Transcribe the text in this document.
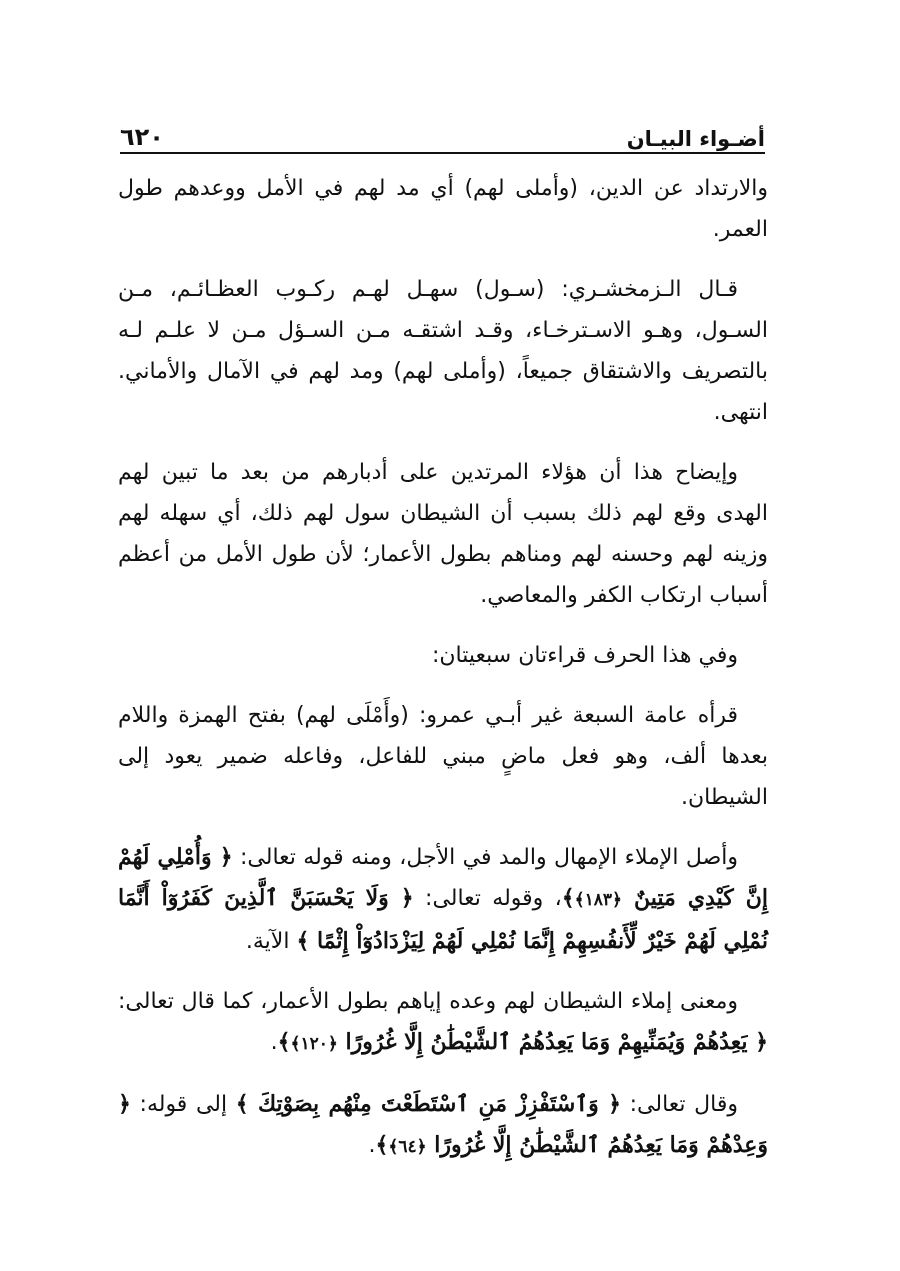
٦٢٠	أضـواء البيـان

والارتداد عن الدين، (وأملى لهم) أي مد لهم في الأمل ووعدهم طول العمر.

قـال الـزمخشـري: (سـول) سهـل لهـم ركـوب العظـائـم، مـن السـول، وهـو الاسـترخـاء، وقـد اشتقـه مـن السـؤل مـن لا علـم لـه بالتصريف والاشتقاق جميعاً، (وأملى لهم) ومد لهم في الآمال والأماني. انتهى.

وإيضاح هذا أن هؤلاء المرتدين على أدبارهم من بعد ما تبين لهم الهدى وقع لهم ذلك بسبب أن الشيطان سول لهم ذلك، أي سهله لهم وزينه لهم وحسنه لهم ومناهم بطول الأعمار؛ لأن طول الأمل من أعظم أسباب ارتكاب الكفر والمعاصي.

وفي هذا الحرف قراءتان سبعيتان:

قرأه عامة السبعة غير أبـي عمرو: (وأَمْلَى لهم) بفتح الهمزة واللام بعدها ألف، وهو فعل ماضٍ مبني للفاعل، وفاعله ضمير يعود إلى الشيطان.

وأصل الإملاء الإمهال والمد في الأجل، ومنه قوله تعالى: ﴿ وَأُمْلِي لَهُمْ إِنَّ كَيْدِي مَتِينٌ ﴿١٨٣﴾﴾، وقوله تعالى: ﴿ وَلَا يَحْسَبَنَّ ٱلَّذِينَ كَفَرُوٓاْ أَنَّمَا نُمْلِي لَهُمْ خَيْرٌ لِّأَنفُسِهِمْ إِنَّمَا نُمْلِي لَهُمْ لِيَزْدَادُوٓاْ إِثْمًا ﴾ الآية.

ومعنى إملاء الشيطان لهم وعده إياهم بطول الأعمار، كما قال تعالى: ﴿ يَعِدُهُمْ وَيُمَنِّيهِمْ وَمَا يَعِدُهُمُ ٱلشَّيْطَٰنُ إِلَّا غُرُورًا ﴿١٢٠﴾﴾.

وقال تعالى: ﴿ وَٱسْتَفْزِزْ مَنِ ٱسْتَطَعْتَ مِنْهُم بِصَوْتِكَ ﴾ إلى قوله: ﴿ وَعِدْهُمْ وَمَا يَعِدُهُمُ ٱلشَّيْطَٰنُ إِلَّا غُرُورًا ﴿٦٤﴾﴾.
